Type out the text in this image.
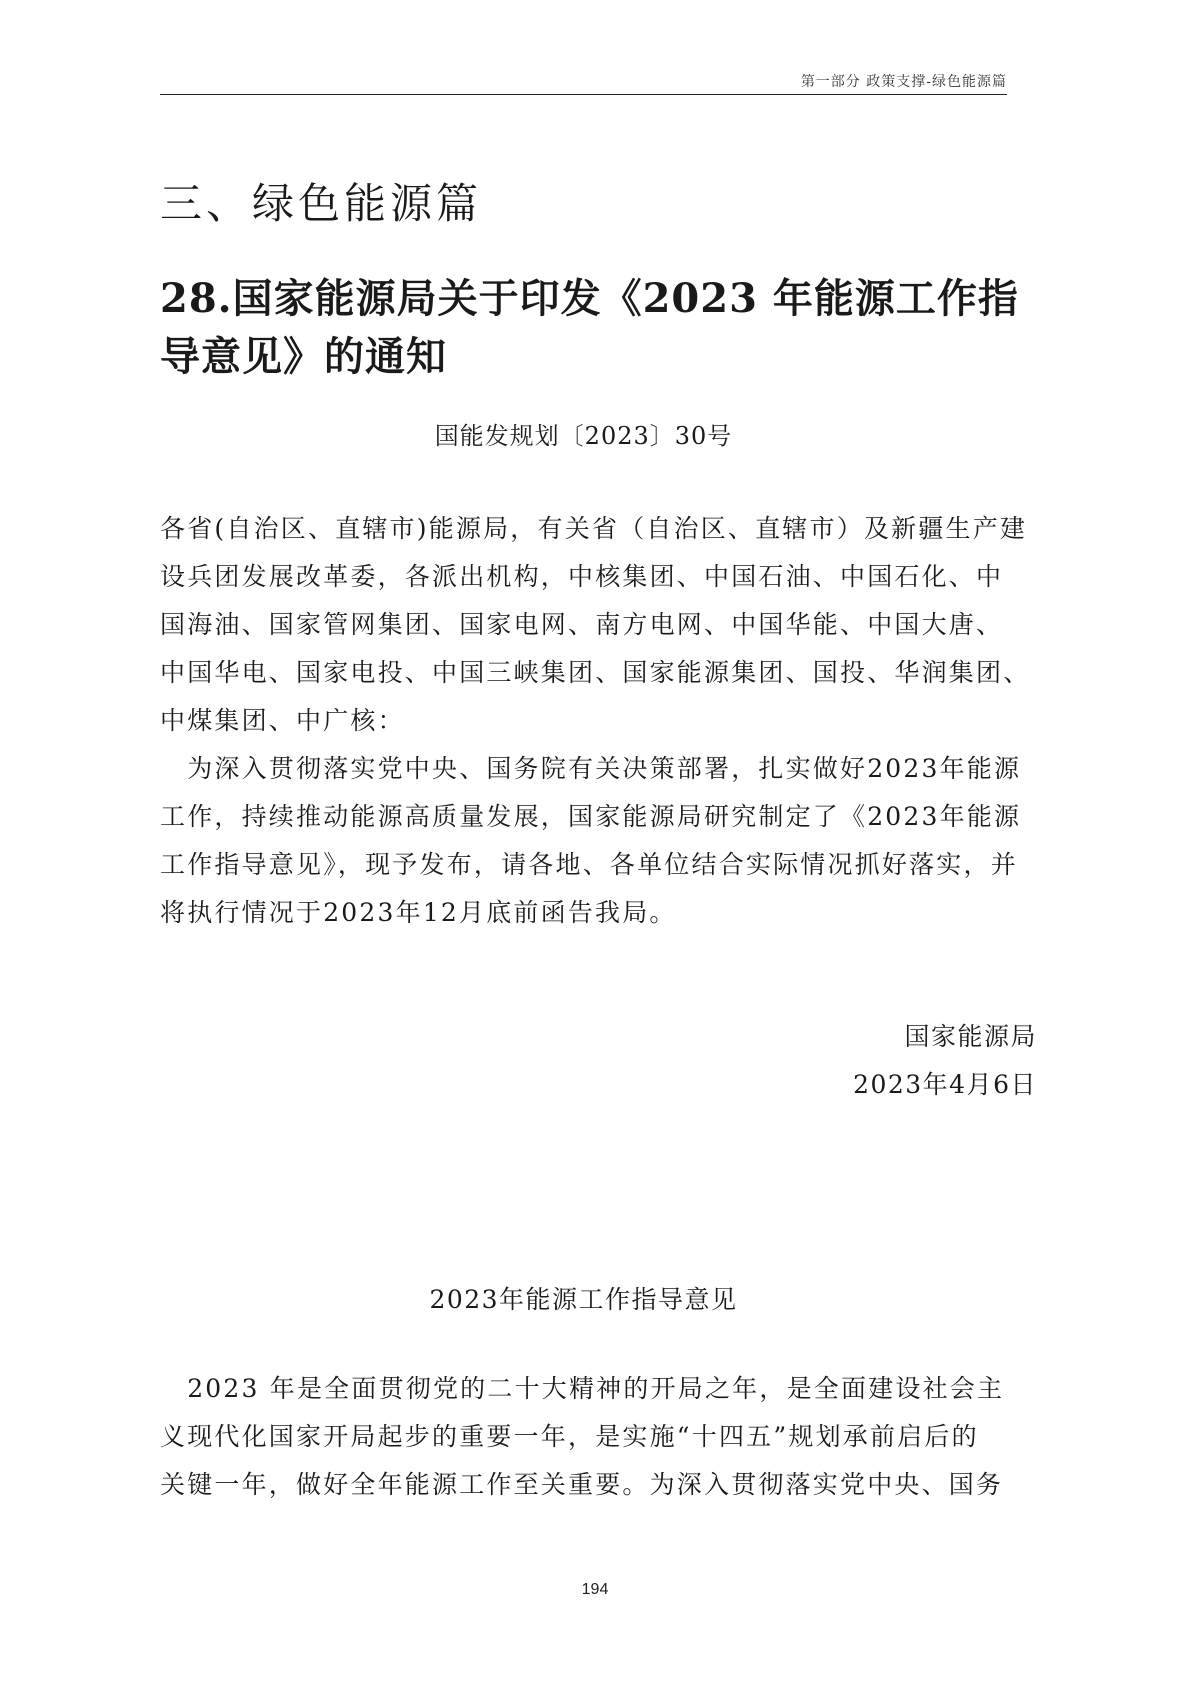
第一部分 政策支撑-绿色能源篇
三、绿色能源篇
28.国家能源局关于印发《2023 年能源工作指
导意见》的通知
国能发规划〔2023〕30号
各省(自治区、直辖市)能源局，有关省（自治区、直辖市）及新疆生产建
设兵团发展改革委，各派出机构，中核集团、中国石油、中国石化、中
国海油、国家管网集团、国家电网、南方电网、中国华能、中国大唐、
中国华电、国家电投、中国三峡集团、国家能源集团、国投、华润集团、
中煤集团、中广核：
　为深入贯彻落实党中央、国务院有关决策部署，扎实做好2023年能源
工作，持续推动能源高质量发展，国家能源局研究制定了《2023年能源
工作指导意见》，现予发布，请各地、各单位结合实际情况抓好落实，并
将执行情况于2023年12月底前函告我局。
国家能源局
2023年4月6日
2023年能源工作指导意见
　2023 年是全面贯彻党的二十大精神的开局之年，是全面建设社会主
义现代化国家开局起步的重要一年，是实施“十四五”规划承前启后的
关键一年，做好全年能源工作至关重要。为深入贯彻落实党中央、国务
194
